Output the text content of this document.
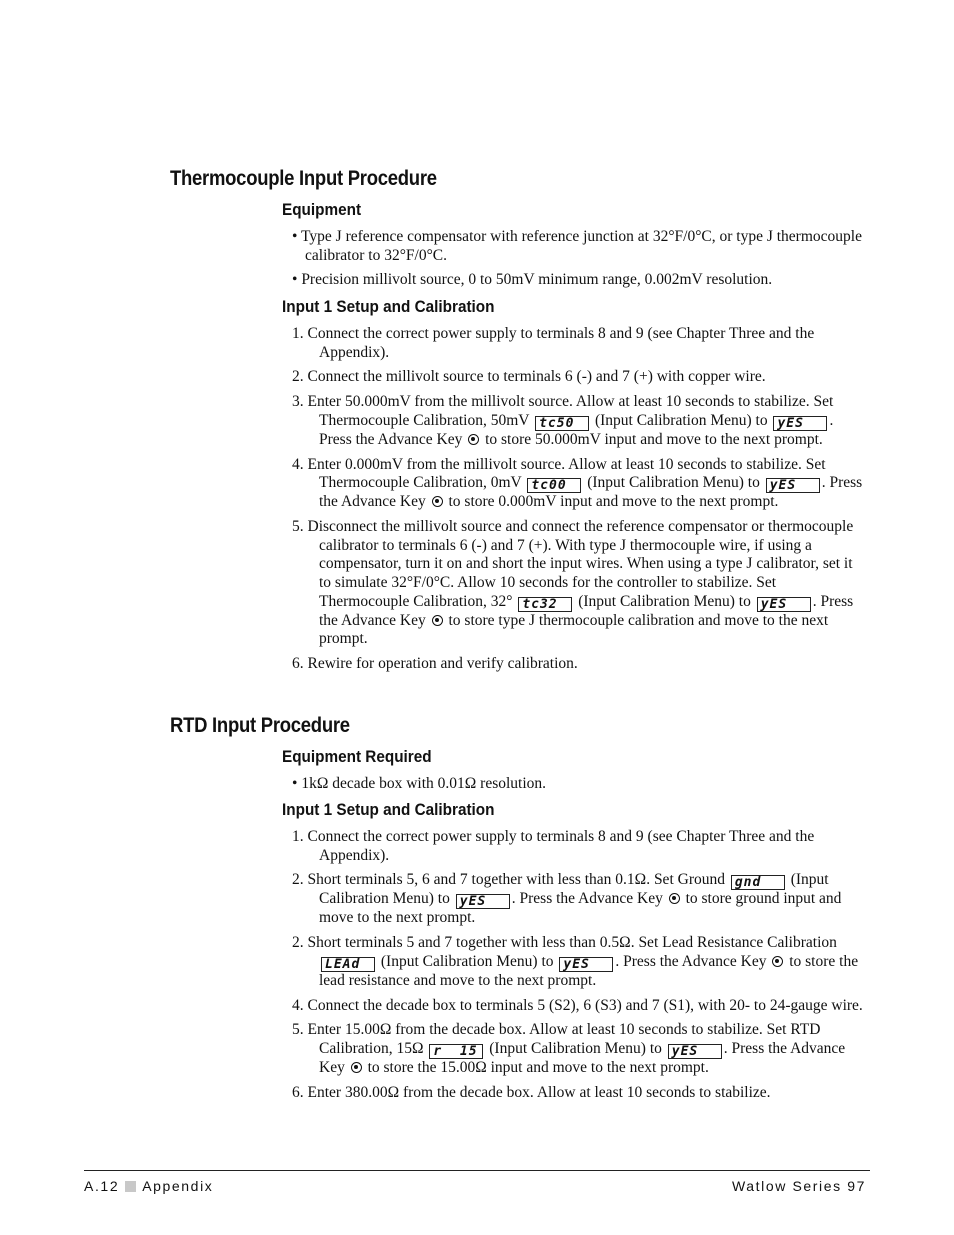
Thermocouple Input Procedure
Equipment

• Type J reference compensator with reference junction at 32°F/0°C, or type J thermocouple calibrator to 32°F/0°C.

• Precision millivolt source, 0 to 50mV minimum range, 0.002mV resolution.

Input 1 Setup and Calibration

1. Connect the correct power supply to terminals 8 and 9 (see Chapter Three and the Appendix).

2. Connect the millivolt source to terminals 6 (-) and 7 (+) with copper wire.

3. Enter 50.000mV from the millivolt source. Allow at least 10 seconds to stabilize. Set Thermocouple Calibration, 50mV tc50 (Input Calibration Menu) to yES . Press the Advance Key to store 50.000mV input and move to the next prompt.

4. Enter 0.000mV from the millivolt source. Allow at least 10 seconds to stabilize. Set Thermocouple Calibration, 0mV tc00 (Input Calibration Menu) to yES . Press the Advance Key to store 0.000mV input and move to the next prompt.

5. Disconnect the millivolt source and connect the reference compensator or thermocouple calibrator to terminals 6 (-) and 7 (+). With type J thermocouple wire, if using a compensator, turn it on and short the input wires. When using a type J calibrator, set it to simulate 32°F/0°C. Allow 10 seconds for the controller to stabilize. Set Thermocouple Calibration, 32° tc32 (Input Calibration Menu) to yES . Press the Advance Key to store type J thermocouple calibration and move to the next prompt.

6. Rewire for operation and verify calibration.

RTD Input Procedure
Equipment Required

• 1kΩ decade box with 0.01Ω resolution.

Input 1 Setup and Calibration

1. Connect the correct power supply to terminals 8 and 9 (see Chapter Three and the Appendix).

2. Short terminals 5, 6 and 7 together with less than 0.1Ω. Set Ground gnd (Input Calibration Menu) to yES . Press the Advance Key to store ground input and move to the next prompt.

2. Short terminals 5 and 7 together with less than 0.5Ω. Set Lead Resistance Calibration LEAd (Input Calibration Menu) to yES . Press the Advance Key to store the lead resistance and move to the next prompt.

4. Connect the decade box to terminals 5 (S2), 6 (S3) and 7 (S1), with 20- to 24-gauge wire.

5. Enter 15.00Ω from the decade box. Allow at least 10 seconds to stabilize. Set RTD Calibration, 15Ω r  15 (Input Calibration Menu) to yES . Press the Advance Key to store the 15.00Ω input and move to the next prompt.

6. Enter 380.00Ω from the decade box. Allow at least 10 seconds to stabilize.

A.12 Appendix	Watlow Series 97
